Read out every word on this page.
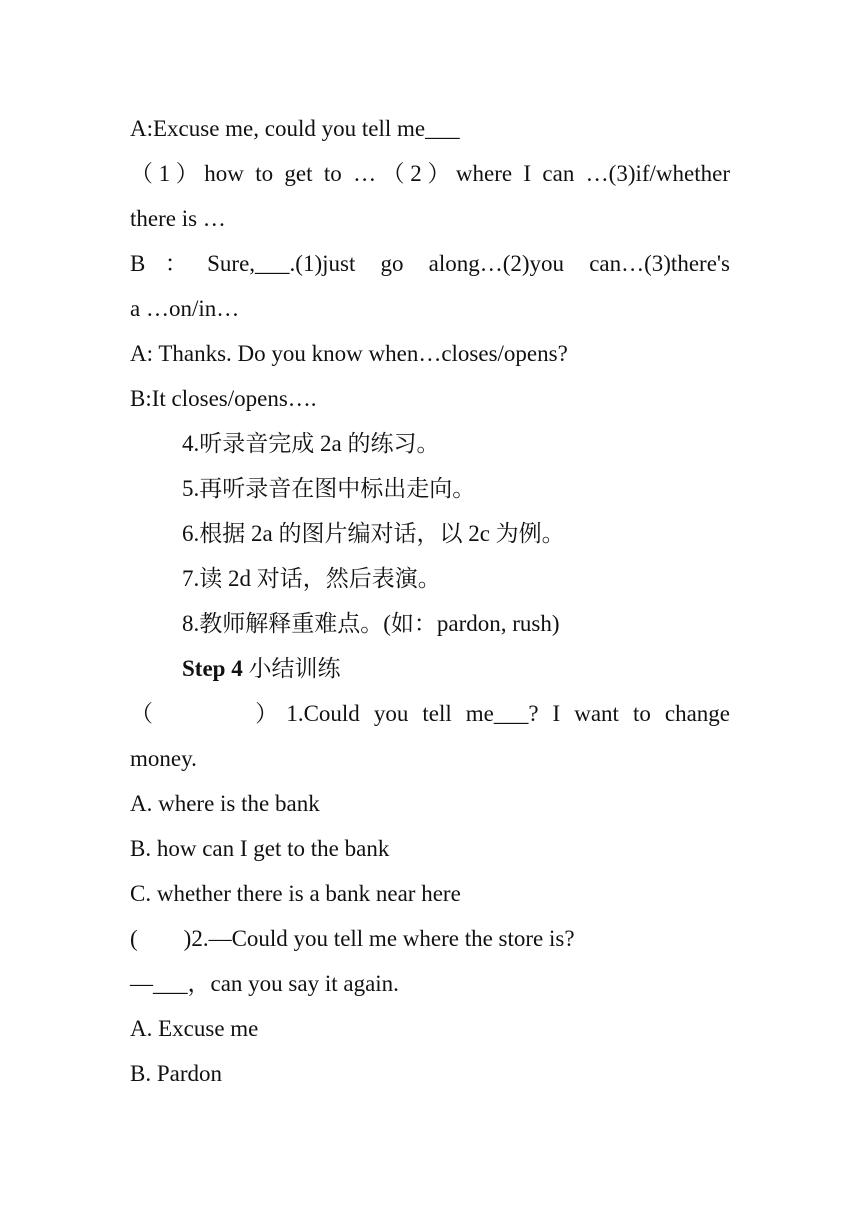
A:Excuse me, could you tell me___
（1）how to get to …（2）where I can …(3)if/whether
there is …
B：Sure,___.(1)just go along…(2)you can…(3)there's
a …on/in…
A: Thanks. Do you know when…closes/opens?
B:It closes/opens….
4.听录音完成 2a 的练习。
5.再听录音在图中标出走向。
6.根据 2a 的图片编对话，以 2c 为例。
7.读 2d 对话，然后表演。
8.教师解释重难点。(如：pardon, rush)
Step 4 小结训练
（　　　）1.Could you tell me___? I want to change
money.
A. where is the bank
B. how can I get to the bank
C. whether there is a bank near here
(　　)2.—Could you tell me where the store is?
—___，can you say it again.
A. Excuse me
B. Pardon
